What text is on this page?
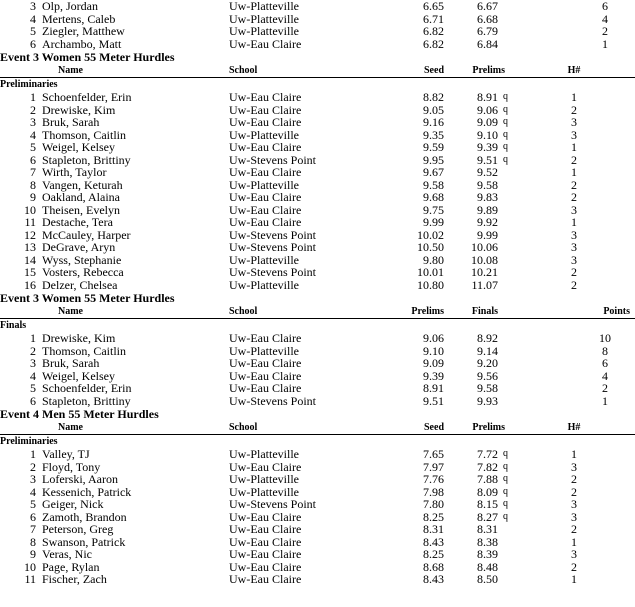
3 Olp, Jordan	Uw-Platteville	6.65	6.67	6
4 Mertens, Caleb	Uw-Platteville	6.71	6.68	4
5 Ziegler, Matthew	Uw-Platteville	6.82	6.79	2
6 Archambo, Matt	Uw-Eau Claire	6.82	6.84	1
Event 3 Women 55 Meter Hurdles
Name	School	Seed	Prelims	H#
Preliminaries
1 Schoenfelder, Erin	Uw-Eau Claire	8.82	8.91 q	1
2 Drewiske, Kim	Uw-Eau Claire	9.05	9.06 q	2
3 Bruk, Sarah	Uw-Eau Claire	9.16	9.09 q	3
4 Thomson, Caitlin	Uw-Platteville	9.35	9.10 q	3
5 Weigel, Kelsey	Uw-Eau Claire	9.59	9.39 q	1
6 Stapleton, Brittiny	Uw-Stevens Point	9.95	9.51 q	2
7 Wirth, Taylor	Uw-Eau Claire	9.67	9.52	1
8 Vangen, Keturah	Uw-Platteville	9.58	9.58	2
9 Oakland, Alaina	Uw-Eau Claire	9.68	9.83	2
10 Theisen, Evelyn	Uw-Eau Claire	9.75	9.89	3
11 Destache, Tera	Uw-Eau Claire	9.99	9.92	1
12 McCauley, Harper	Uw-Stevens Point	10.02	9.99	3
13 DeGrave, Aryn	Uw-Stevens Point	10.50	10.06	3
14 Wyss, Stephanie	Uw-Platteville	9.80	10.08	3
15 Vosters, Rebecca	Uw-Stevens Point	10.01	10.21	2
16 Delzer, Chelsea	Uw-Platteville	10.80	11.07	2
Event 3 Women 55 Meter Hurdles
Name	School	Prelims	Finals	Points
Finals
1 Drewiske, Kim	Uw-Eau Claire	9.06	8.92	10
2 Thomson, Caitlin	Uw-Platteville	9.10	9.14	8
3 Bruk, Sarah	Uw-Eau Claire	9.09	9.20	6
4 Weigel, Kelsey	Uw-Eau Claire	9.39	9.56	4
5 Schoenfelder, Erin	Uw-Eau Claire	8.91	9.58	2
6 Stapleton, Brittiny	Uw-Stevens Point	9.51	9.93	1
Event 4 Men 55 Meter Hurdles
Name	School	Seed	Prelims	H#
Preliminaries
1 Valley, TJ	Uw-Platteville	7.65	7.72 q	1
2 Floyd, Tony	Uw-Eau Claire	7.97	7.82 q	3
3 Loferski, Aaron	Uw-Platteville	7.76	7.88 q	2
4 Kessenich, Patrick	Uw-Platteville	7.98	8.09 q	2
5 Geiger, Nick	Uw-Stevens Point	7.80	8.15 q	3
6 Zamoth, Brandon	Uw-Eau Claire	8.25	8.27 q	3
7 Peterson, Greg	Uw-Eau Claire	8.31	8.31	2
8 Swanson, Patrick	Uw-Eau Claire	8.43	8.38	1
9 Veras, Nic	Uw-Eau Claire	8.25	8.39	3
10 Page, Rylan	Uw-Eau Claire	8.68	8.48	2
11 Fischer, Zach	Uw-Eau Claire	8.43	8.50	1
